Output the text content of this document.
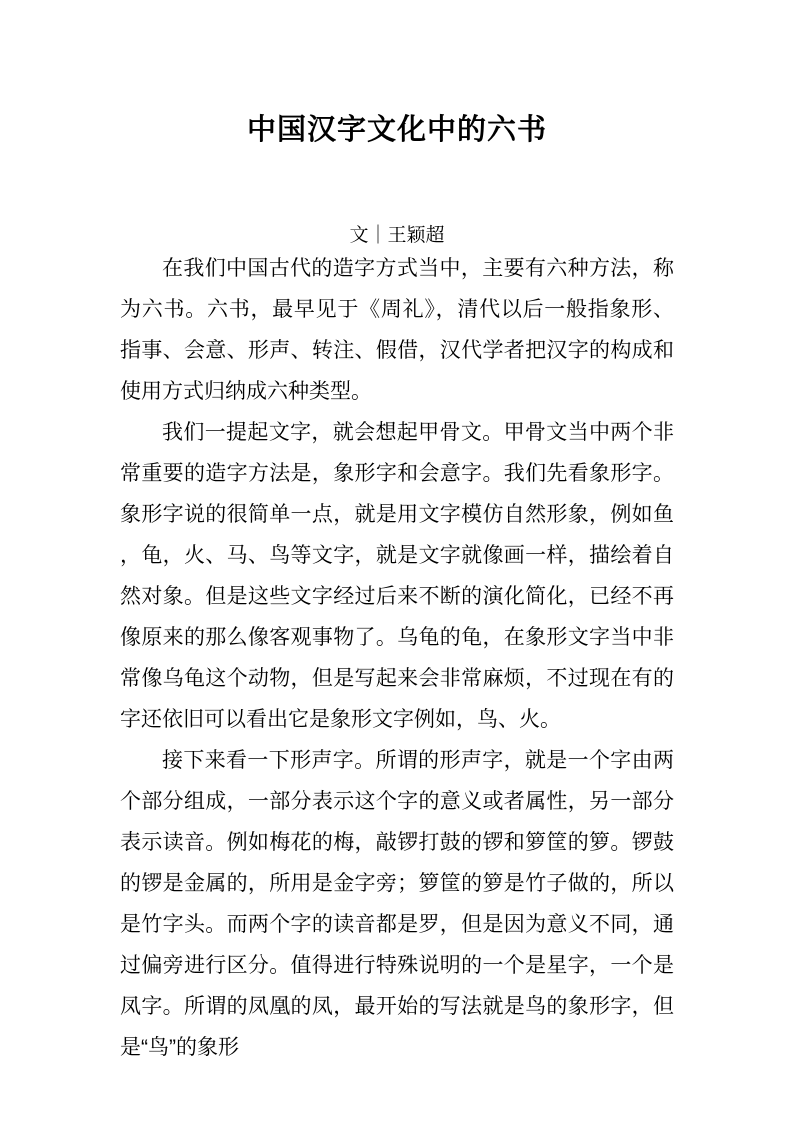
中国汉字文化中的六书
文｜王颖超

在我们中国古代的造字方式当中，主要有六种方法，称为六书。六书，最早见于《周礼》，清代以后一般指象形、指事、会意、形声、转注、假借，汉代学者把汉字的构成和使用方式归纳成六种类型。

我们一提起文字，就会想起甲骨文。甲骨文当中两个非常重要的造字方法是，象形字和会意字。我们先看象形字。象形字说的很简单一点，就是用文字模仿自然形象，例如鱼，龟，火、马、鸟等文字，就是文字就像画一样，描绘着自然对象。但是这些文字经过后来不断的演化简化，已经不再像原来的那么像客观事物了。乌龟的龟，在象形文字当中非常像乌龟这个动物，但是写起来会非常麻烦，不过现在有的字还依旧可以看出它是象形文字例如，鸟、火。

接下来看一下形声字。所谓的形声字，就是一个字由两个部分组成，一部分表示这个字的意义或者属性，另一部分表示读音。例如梅花的梅，敲锣打鼓的锣和箩筐的箩。锣鼓的锣是金属的，所用是金字旁；箩筐的箩是竹子做的，所以是竹字头。而两个字的读音都是罗，但是因为意义不同，通过偏旁进行区分。值得进行特殊说明的一个是星字，一个是凤字。所谓的凤凰的凤，最开始的写法就是鸟的象形字，但是“鸟”的象形
